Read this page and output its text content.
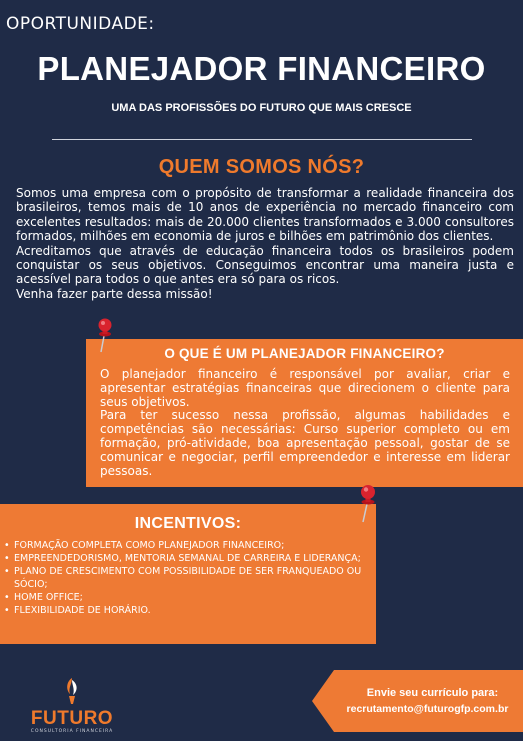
OPORTUNIDADE:
PLANEJADOR FINANCEIRO
UMA DAS PROFISSÕES DO FUTURO QUE MAIS CRESCE
QUEM SOMOS NÓS?

Somos uma empresa com o propósito de transformar a realidade financeira dos brasileiros, temos mais de 10 anos de experiência no mercado financeiro com excelentes resultados: mais de 20.000 clientes transformados e 3.000 consultores formados, milhões em economia de juros e bilhões em patrimônio dos clientes.

Acreditamos que através de educação financeira todos os brasileiros podem conquistar os seus objetivos. Conseguimos encontrar uma maneira justa e acessível para todos o que antes era só para os ricos.

Venha fazer parte dessa missão!

O QUE É UM PLANEJADOR FINANCEIRO?

O planejador financeiro é responsável por avaliar, criar e apresentar estratégias financeiras que direcionem o cliente para seus objetivos.

Para ter sucesso nessa profissão, algumas habilidades e competências são necessárias: Curso superior completo ou em formação, pró-atividade, boa apresentação pessoal, gostar de se comunicar e negociar, perfil empreendedor e interesse em liderar pessoas.

INCENTIVOS:
• FORMAÇÃO COMPLETA COMO PLANEJADOR FINANCEIRO;
• EMPREENDEDORISMO, MENTORIA SEMANAL DE CARREIRA E LIDERANÇA;
• PLANO DE CRESCIMENTO COM POSSIBILIDADE DE SER FRANQUEADO OU SÓCIO;
• HOME OFFICE;
• FLEXIBILIDADE DE HORÁRIO.
FUTURO
CONSULTORIA FINANCEIRA
Envie seu currículo para:
recrutamento@futurogfp.com.br
